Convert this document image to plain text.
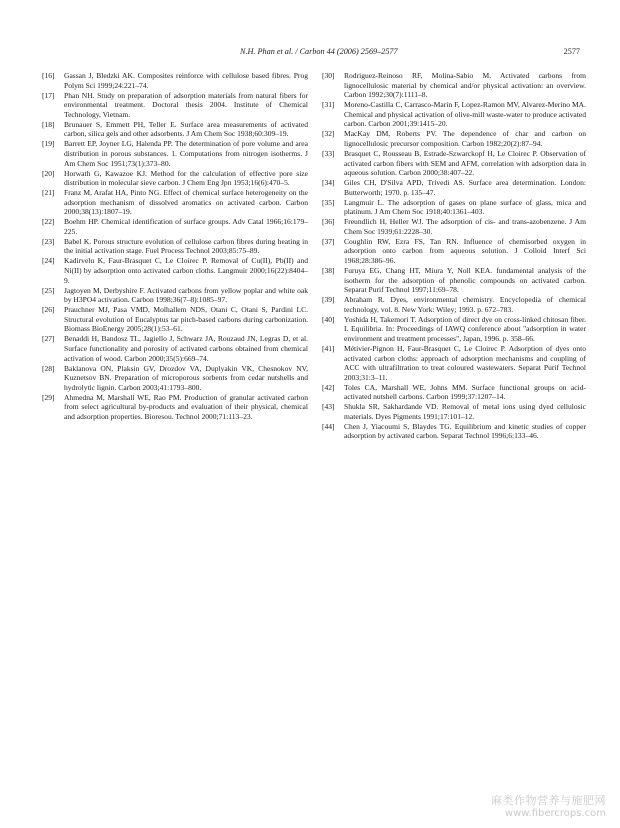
N.H. Phan et al. / Carbon 44 (2006) 2569–2577	2577

[16] Gassan J, Bledzki AK. Composites reinforce with cellulose based fibres. Prog Polym Sci 1999;24:221–74.

[17] Phan NH. Study on preparation of adsorption materials from natural fibers for environmental treatment. Doctoral thesis 2004. Institute of Chemical Technology, Vietnam.

[18] Brunauer S, Emmett PH, Teller E. Surface area measurements of activated carbon, silica gels and other adsorbents. J Am Chem Soc 1938;60:309–19.

[19] Barrett EP, Joyner LG, Halenda PP. The determination of pore volume and area distribution in porous substances. 1. Computations from nitrogen isotherms. J Am Chem Soc 1951;73(1):373–80.

[20] Horwath G, Kawazoe KJ. Method for the calculation of effective pore size distribution in molecular sieve carbon. J Chem Eng Jpn 1953;16(6):470–5.

[21] Franz M, Arafat HA, Pinto NG. Effect of chemical surface heterogeneity on the adsorption mechanism of dissolved aromatics on activated carbon. Carbon 2000;38(13):1807–19.

[22] Boehm HP. Chemical identification of surface groups. Adv Catal 1966;16:179–225.

[23] Babel K. Porous structure evolution of cellulose carbon fibres during heating in the initial activation stage. Fuel Process Technol 2003;85:75–89.

[24] Kadirvelu K, Faur-Brasquet C, Le Cloirec P. Removal of Cu(II), Pb(II) and Ni(II) by adsorption onto activated carbon cloths. Langmuir 2000;16(22):8404–9.

[25] Jagtoyen M, Derbyshire F. Activated carbons from yellow poplar and white oak by H3PO4 activation. Carbon 1998;36(7–8):1085–97.

[26] Prauchner MJ, Pasa VMD, Molhallem NDS, Otani C, Otani S, Pardini LC. Structural evolution of Eucalyptus tar pitch-based carbons during carbonization. Biomass BioEnergy 2005;28(1):53–61.

[27] Benaddi H, Bandosz TL, Jagiello J, Schwarz JA, Rouzaud JN, Legras D, et al. Surface functionality and porosity of activated carbons obtained from chemical activation of wood. Carbon 2000;35(5):669–74.

[28] Baklanova ON, Plaksin GV, Drozdov VA, Duplyakin VK, Chesnokov NV, Kuznetsov BN. Preparation of microporous sorbents from cedar nutshells and hydrolytic lignin. Carbon 2003;41:1793–800.

[29] Ahmedna M, Marshall WE, Rao PM. Production of granular activated carbon from select agricultural by-products and evaluation of their physical, chemical and adsorption properties. Bioresou. Technol 2000;71:113–23.

[30] Rodriguez-Reinoso RF, Molina-Sabio M. Activated carbons from lignocellulosic material by chemical and/or physical activation: an overview. Carbon 1992;30(7):1111–8.

[31] Moreno-Castilla C, Carrasco-Marin F, Lopez-Ramon MV, Alvarez-Merino MA. Chemical and physical activation of olive-mill waste-water to produce activated carbon. Carbon 2001;39:1415–20.

[32] MacKay DM, Roberts PV. The dependence of char and carbon on lignocellulosic precursor composition. Carbon 1982;20(2):87–94.

[33] Brasquet C, Rousseau B, Estrade-Szwarckopf H, Le Cloirec P. Observation of activated carbon fibers with SEM and AFM, correlation with adsorption data in aqueous solution. Carbon 2000;38:407–22.

[34] Giles CH, D'Silva APD, Trivedi AS. Surface area determination. London: Butterworth; 1970. p. 135–47.

[35] Langmuir L. The adsorption of gases on plane surface of glass, mica and platinum. J Am Chem Soc 1918;40:1361–403.

[36] Freundlich H, Heller WJ. The adsorption of cis- and trans-azobenzene. J Am Chem Soc 1939;61:2228–30.

[37] Coughlin RW, Ezra FS, Tan RN. Influence of chemisorbed oxygen in adsorption onto carbon from aqueous solution. J Colloid Interf Sci 1968;28:386–96.

[38] Furuya EG, Chang HT, Miura Y, Noll KEA. fundamental analysis of the isotherm for the adsorption of phenolic compounds on activated carbon. Separat Purif Technol 1997;11:69–78.

[39] Abraham R. Dyes, environmental chemistry. Encyclopedia of chemical technology, vol. 8. New York: Wiley; 1993. p. 672–783.

[40] Yoshida H, Takemori T. Adsorption of direct dye on cross-linked chitosan fiber. I. Equilibria. In: Proceedings of IAWQ conference about "adsorption in water environment and treatment processes", Japan, 1996. p. 358–66.

[41] Métivier-Pignon H, Faur-Brasquet C, Le Cloirec P. Adsorption of dyes onto activated carbon cloths: approach of adsorption mechanisms and coupling of ACC with ultrafiltration to treat coloured wastewaters. Separat Purif Technol 2003;31:3–11.

[42] Toles CA, Marshall WE, Johns MM. Surface functional groups on acid-activated nutshell carbons. Carbon 1999;37:1207–14.

[43] Shukla SR, Sakhardande VD. Removal of metal ions using dyed cellulosic materials. Dyes Pigments 1991;17:101–12.

[44] Chen J, Yiacoumi S, Blaydes TG. Equilibrium and kinetic studies of copper adsorption by activated carbon. Separat Technol 1996;6:133–46.

麻类作物营养与施肥网
www.fibercrops.com
